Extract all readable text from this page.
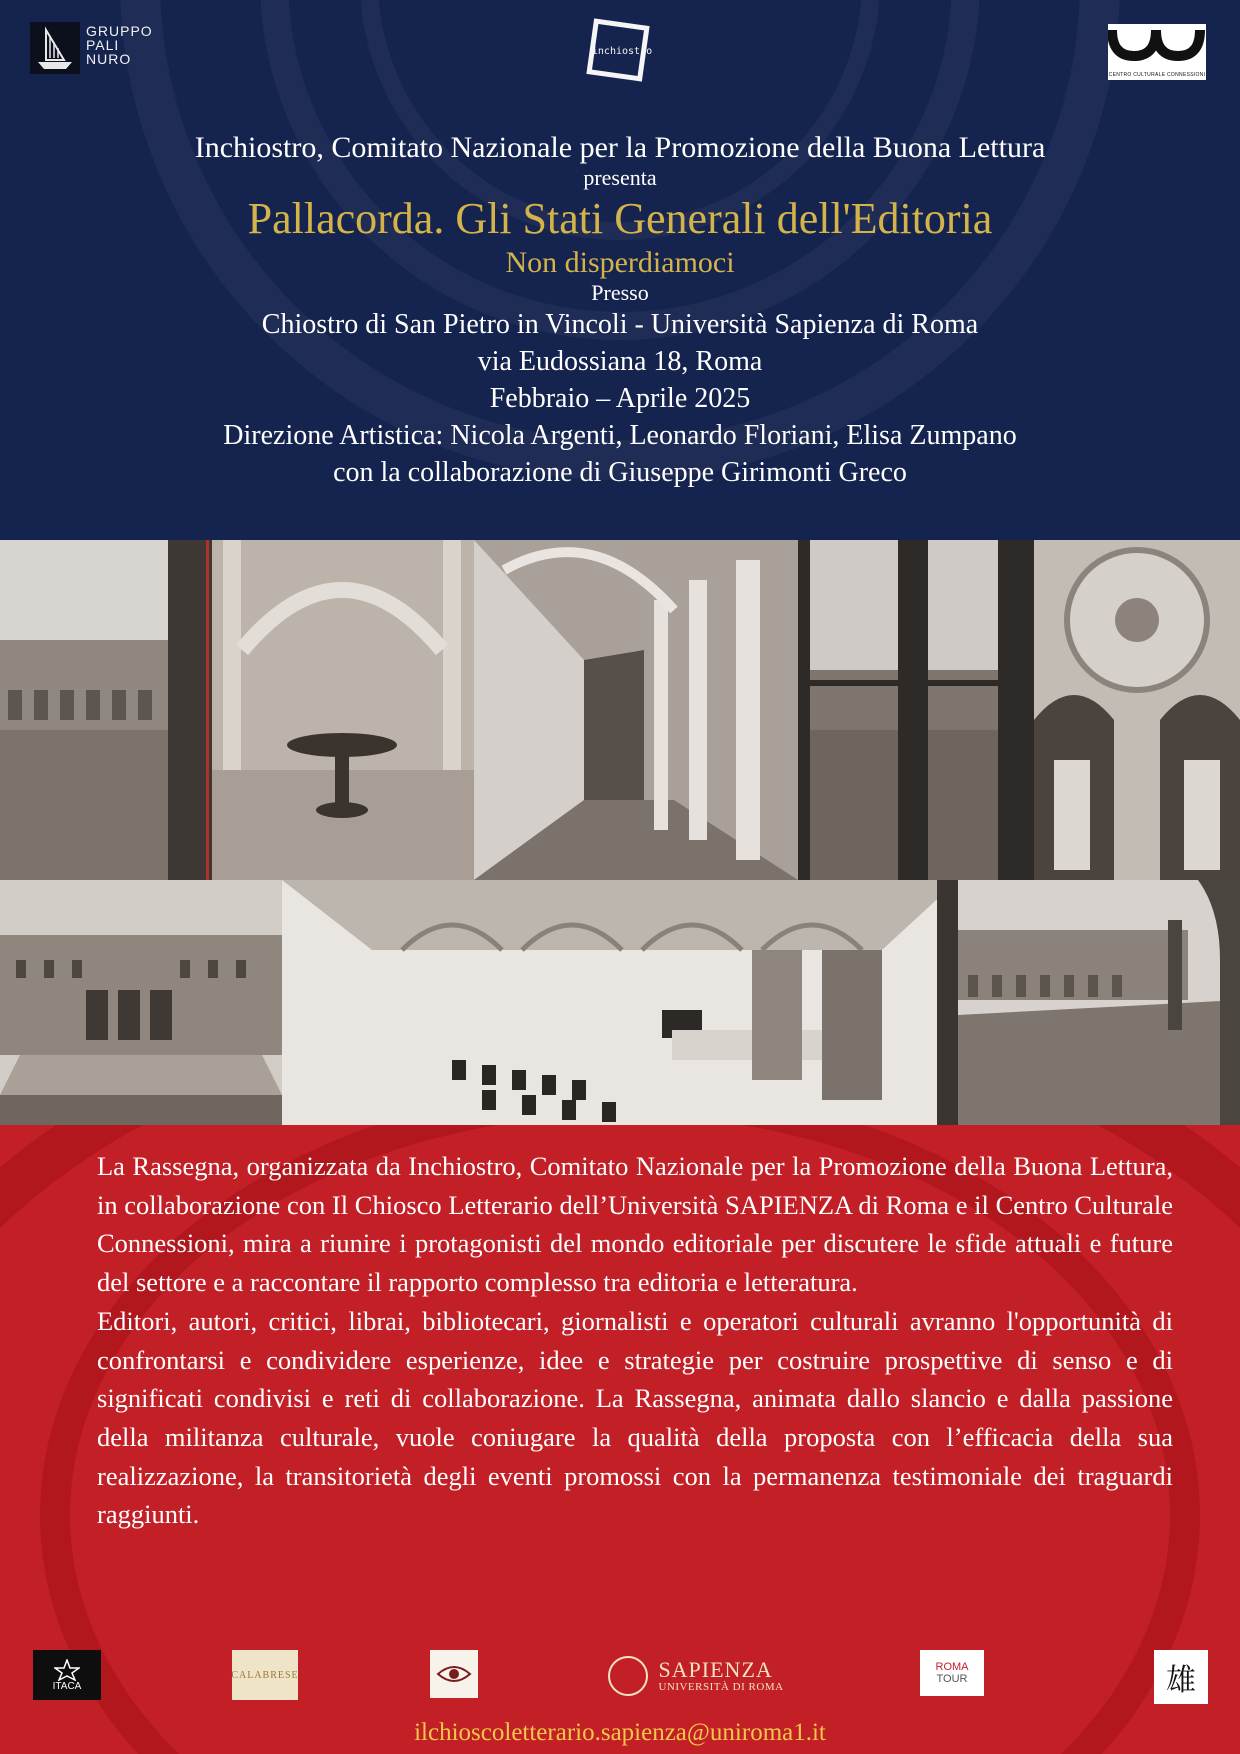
GRUPPO
PALI
NURO	inchiostro
CENTRO CULTURALE CONNESSIONI
Inchiostro, Comitato Nazionale per la Promozione della Buona Lettura
presenta
Pallacorda. Gli Stati Generali dell'Editoria
Non disperdiamoci
Presso
Chiostro di San Pietro in Vincoli - Università Sapienza di Roma
via Eudossiana 18, Roma
Febbraio – Aprile 2025
Direzione Artistica: Nicola Argenti, Leonardo Floriani, Elisa Zumpano
con la collaborazione di Giuseppe Girimonti Greco

La Rassegna, organizzata da Inchiostro, Comitato Nazionale per la Promozione della Buona Lettura, in collaborazione con Il Chiosco Letterario dell’Università SAPIENZA di Roma e il Centro Culturale Connessioni, mira a riunire i protagonisti del mondo editoriale per discutere le sfide attuali e future del settore e a raccontare il rapporto complesso tra editoria e letteratura.

Editori, autori, critici, librai, bibliotecari, giornalisti e operatori culturali avranno l'opportunità di confrontarsi e condividere esperienze, idee e strategie per costruire prospettive di senso e di significati condivisi e reti di collaborazione. La Rassegna, animata dallo slancio e dalla passione della militanza culturale, vuole coniugare la qualità della proposta con l’efficacia della sua realizzazione, la transitorietà degli eventi promossi con la permanenza testimoniale dei traguardi raggiunti.

ITACA
CALABRESE	SAPIENZA
UNIVERSITÀ DI ROMA
ROMA
TOUR	雄
ilchioscoletterario.sapienza@uniroma1.it
